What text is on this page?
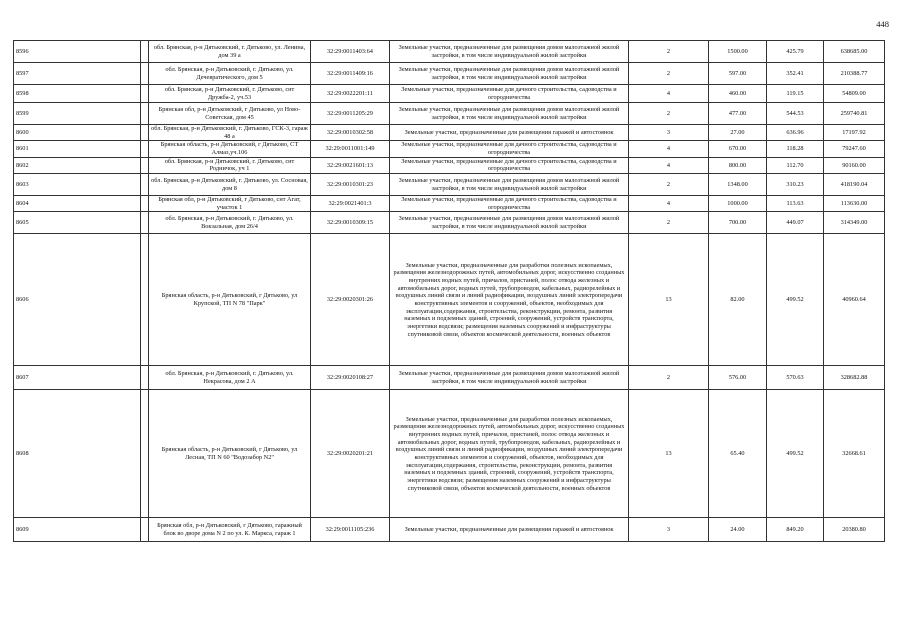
448
8596		обл. Брянская, р-н Дятьковский, г. Дятьково, ул. Ленина, дом 39 а	32:29:0011403:64	Земельные участки, предназначенные для размещения домов малоэтажной жилой застройки, в том числе индивидуальной жилой застройки	2	1500.00	425.79	638685.00
8597		обл. Брянская, р-н Дятьковский, г. Дятьково, ул. Дечевратического, дом 5	32:29:0011409:16	Земельные участки, предназначенные для размещения домов малоэтажной жилой застройки, в том числе индивидуальной жилой застройки	2	597.00	352.41	210388.77
8598		обл. Брянская, р-н Дятьковский, г. Дятьково, снт Дружба-2, уч.53	32:29:0022201:11	Земельные участки, предназначенные для дачного строительства, садоводства и огородничества	4	460.00	119.15	54809.00
8599		Брянская обл, р-н Дятьковский, г Дятьково, ул Ново-Советская, дом 45	32:29:0011205:29	Земельные участки, предназначенные для размещения домов малоэтажной жилой застройки, в том числе индивидуальной жилой застройки	2	477.00	544.53	259740.81
8600		обл. Брянская, р-н Дятьковский, г. Дятьково, ГСК-3, гараж 48 а	32:29:0010302:58	Земельные участки, предназначенные для размещения гаражей и автостоянок	3	27.00	636.96	17197.92
8601		Брянская область, р-н Дятьковский, г Дятьково, СТ Алмаз,уч.106	32:29:0011001:149	Земельные участки, предназначенные для дачного строительства, садоводства и огородничества	4	670.00	118.28	79247.60
8602		обл. Брянская, р-н Дятьковский, г. Дятьково, снт Родничок, уч 1	32:29:0021601:13	Земельные участки, предназначенные для дачного строительства, садоводства и огородничества	4	800.00	112.70	90160.00
8603		обл. Брянская, р-н Дятьковский, г. Дятьково, ул. Сосновая, дом 8	32:29:0010301:23	Земельные участки, предназначенные для размещения домов малоэтажной жилой застройки, в том числе индивидуальной жилой застройки	2	1348.00	310.23	418190.04
8604		Брянская обл, р-н Дятьковский, г Дятьково, снт Агат, участок 1	32:29:0021401:3	Земельные участки, предназначенные для дачного строительства, садоводства и огородничества	4	1000.00	113.63	113630.00
8605		обл. Брянская, р-н Дятьковский, г. Дятьково, ул. Вокзальная, дом 26/4	32:29:0010309:15	Земельные участки, предназначенные для размещения домов малоэтажной жилой застройки, в том числе индивидуальной жилой застройки	2	700.00	449.07	314349.00
8606		Брянская область, р-н Дятьковский, г Дятьково, ул Крупской, ТП N 78 "Парк"	32:29:0020301:26	Земельные участки, предназначенные для разработки полезных ископаемых, размещения железнодорожных путей, автомобильных дорог, искусственно созданных внутренних водных путей, причалов, пристаней, полос отвода железных и автомобильных дорог, водных путей, трубопроводов, кабельных, радиорелейных и воздушных линий связи и линий радиофикации, воздушных линий электропередачи конструктивных элементов и сооружений, объектов, необходимых для эксплуатации,содержания, строительства, реконструкции, ремонта, развития наземных и подземных зданий, строений, сооружений, устройств транспорта, энергетики водсвязи; размещения наземных сооружений и инфраструктуры спутниковой связи, объектов космической деятельности, военных объектов	13	82.00	499.52	40960.64
8607		обл. Брянская, р-н Дятьковский, г. Дятьково, ул. Некрасова, дом 2 А	32:29:0020108:27	Земельные участки, предназначенные для размещения домов малоэтажной жилой застройки, в том числе индивидуальной жилой застройки	2	576.00	570.63	328682.88
8608		Брянская область, р-н Дятьковский, г Дятьково, ул Лесная, ТП N 60 "Водозабор N2"	32:29:0020201:21	Земельные участки, предназначенные для разработки полезных ископаемых, размещения железнодорожных путей, автомобильных дорог, искусственно созданных внутренних водных путей, причалов, пристаней, полос отвода железных и автомобильных дорог, водных путей, трубопроводов, кабельных, радиорелейных и воздушных линий связи и линий радиофикации, воздушных линий электропередачи конструктивных элементов и сооружений, объектов, необходимых для эксплуатации,содержания, строительства, реконструкции, ремонта, развития наземных и подземных зданий, строений, сооружений, устройств транспорта, энергетики водсвязи; размещения наземных сооружений и инфраструктуры спутниковой связи, объектов космической деятельности, военных объектов	13	65.40	499.52	32668.61
8609		Брянская обл, р-н Дятьковский, г Дятьково, гаражный блок во дворе дома N 2 по ул. К. Маркса, гараж 1	32:29:0011105:236	Земельные участки, предназначенные для размещения гаражей и автостоянок	3	24.00	849.20	20380.80
